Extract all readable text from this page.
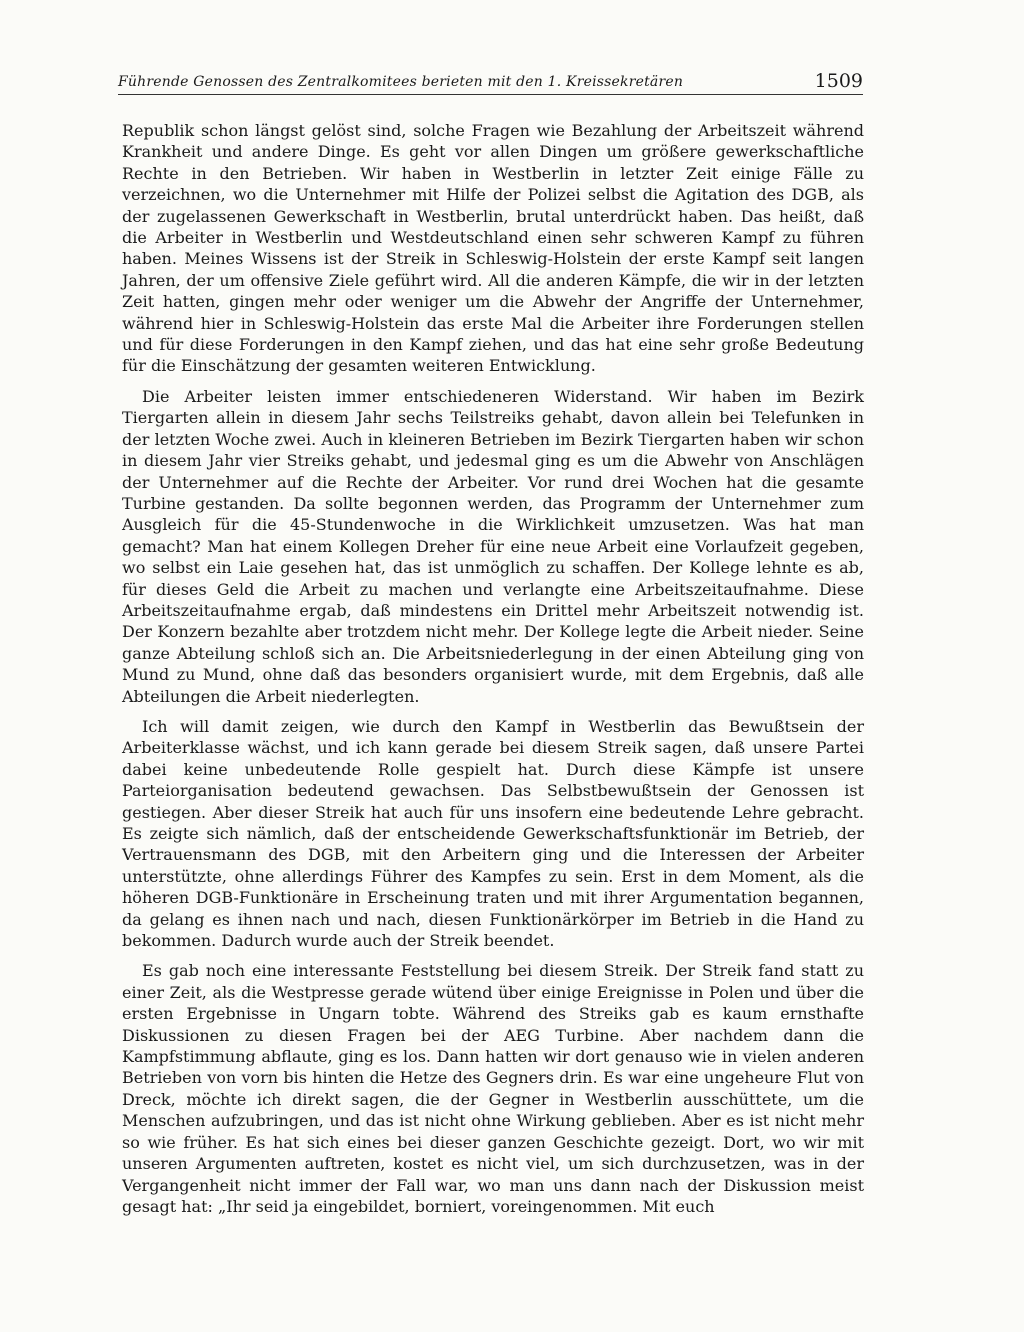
Führende Genossen des Zentralkomitees berieten mit den 1. Kreissekretären	1509

Republik schon längst gelöst sind, solche Fragen wie Bezahlung der Arbeitszeit während Krankheit und andere Dinge. Es geht vor allen Dingen um größere gewerkschaftliche Rechte in den Betrieben. Wir haben in Westberlin in letzter Zeit einige Fälle zu verzeichnen, wo die Unternehmer mit Hilfe der Polizei selbst die Agitation des DGB, als der zugelassenen Gewerkschaft in Westberlin, brutal unterdrückt haben. Das heißt, daß die Arbeiter in Westberlin und Westdeutschland einen sehr schweren Kampf zu führen haben. Meines Wissens ist der Streik in Schleswig-Holstein der erste Kampf seit langen Jahren, der um offensive Ziele geführt wird. All die anderen Kämpfe, die wir in der letzten Zeit hatten, gingen mehr oder weniger um die Abwehr der Angriffe der Unternehmer, während hier in Schleswig-Holstein das erste Mal die Arbeiter ihre Forderungen stellen und für diese Forderungen in den Kampf ziehen, und das hat eine sehr große Bedeutung für die Einschätzung der gesamten weiteren Entwicklung.

Die Arbeiter leisten immer entschiedeneren Widerstand. Wir haben im Bezirk Tiergarten allein in diesem Jahr sechs Teilstreiks gehabt, davon allein bei Telefunken in der letzten Woche zwei. Auch in kleineren Betrieben im Bezirk Tiergarten haben wir schon in diesem Jahr vier Streiks gehabt, und jedesmal ging es um die Abwehr von Anschlägen der Unternehmer auf die Rechte der Arbeiter. Vor rund drei Wochen hat die gesamte Turbine gestanden. Da sollte begonnen werden, das Programm der Unternehmer zum Ausgleich für die 45-Stundenwoche in die Wirklichkeit umzusetzen. Was hat man gemacht? Man hat einem Kollegen Dreher für eine neue Arbeit eine Vorlaufzeit gegeben, wo selbst ein Laie gesehen hat, das ist unmöglich zu schaffen. Der Kollege lehnte es ab, für dieses Geld die Arbeit zu machen und verlangte eine Arbeitszeitaufnahme. Diese Arbeitszeitaufnahme ergab, daß mindestens ein Drittel mehr Arbeitszeit notwendig ist. Der Konzern bezahlte aber trotzdem nicht mehr. Der Kollege legte die Arbeit nieder. Seine ganze Abteilung schloß sich an. Die Arbeitsniederlegung in der einen Abteilung ging von Mund zu Mund, ohne daß das besonders organisiert wurde, mit dem Ergebnis, daß alle Abteilungen die Arbeit niederlegten.

Ich will damit zeigen, wie durch den Kampf in Westberlin das Bewußtsein der Arbeiterklasse wächst, und ich kann gerade bei diesem Streik sagen, daß unsere Partei dabei keine unbedeutende Rolle gespielt hat. Durch diese Kämpfe ist unsere Parteiorganisation bedeutend gewachsen. Das Selbstbewußtsein der Genossen ist gestiegen. Aber dieser Streik hat auch für uns insofern eine bedeutende Lehre gebracht. Es zeigte sich nämlich, daß der entscheidende Gewerkschaftsfunktionär im Betrieb, der Vertrauensmann des DGB, mit den Arbeitern ging und die Interessen der Arbeiter unterstützte, ohne allerdings Führer des Kampfes zu sein. Erst in dem Moment, als die höheren DGB-Funktionäre in Erscheinung traten und mit ihrer Argumentation begannen, da gelang es ihnen nach und nach, diesen Funktionärkörper im Betrieb in die Hand zu bekommen. Dadurch wurde auch der Streik beendet.

Es gab noch eine interessante Feststellung bei diesem Streik. Der Streik fand statt zu einer Zeit, als die Westpresse gerade wütend über einige Ereignisse in Polen und über die ersten Ergebnisse in Ungarn tobte. Während des Streiks gab es kaum ernsthafte Diskussionen zu diesen Fragen bei der AEG Turbine. Aber nachdem dann die Kampfstimmung abflaute, ging es los. Dann hatten wir dort genauso wie in vielen anderen Betrieben von vorn bis hinten die Hetze des Gegners drin. Es war eine ungeheure Flut von Dreck, möchte ich direkt sagen, die der Gegner in Westberlin ausschüttete, um die Menschen aufzubringen, und das ist nicht ohne Wirkung geblieben. Aber es ist nicht mehr so wie früher. Es hat sich eines bei dieser ganzen Geschichte gezeigt. Dort, wo wir mit unseren Argumenten auftreten, kostet es nicht viel, um sich durchzusetzen, was in der Vergangenheit nicht immer der Fall war, wo man uns dann nach der Diskussion meist gesagt hat: „Ihr seid ja eingebildet, borniert, voreingenommen. Mit euch
